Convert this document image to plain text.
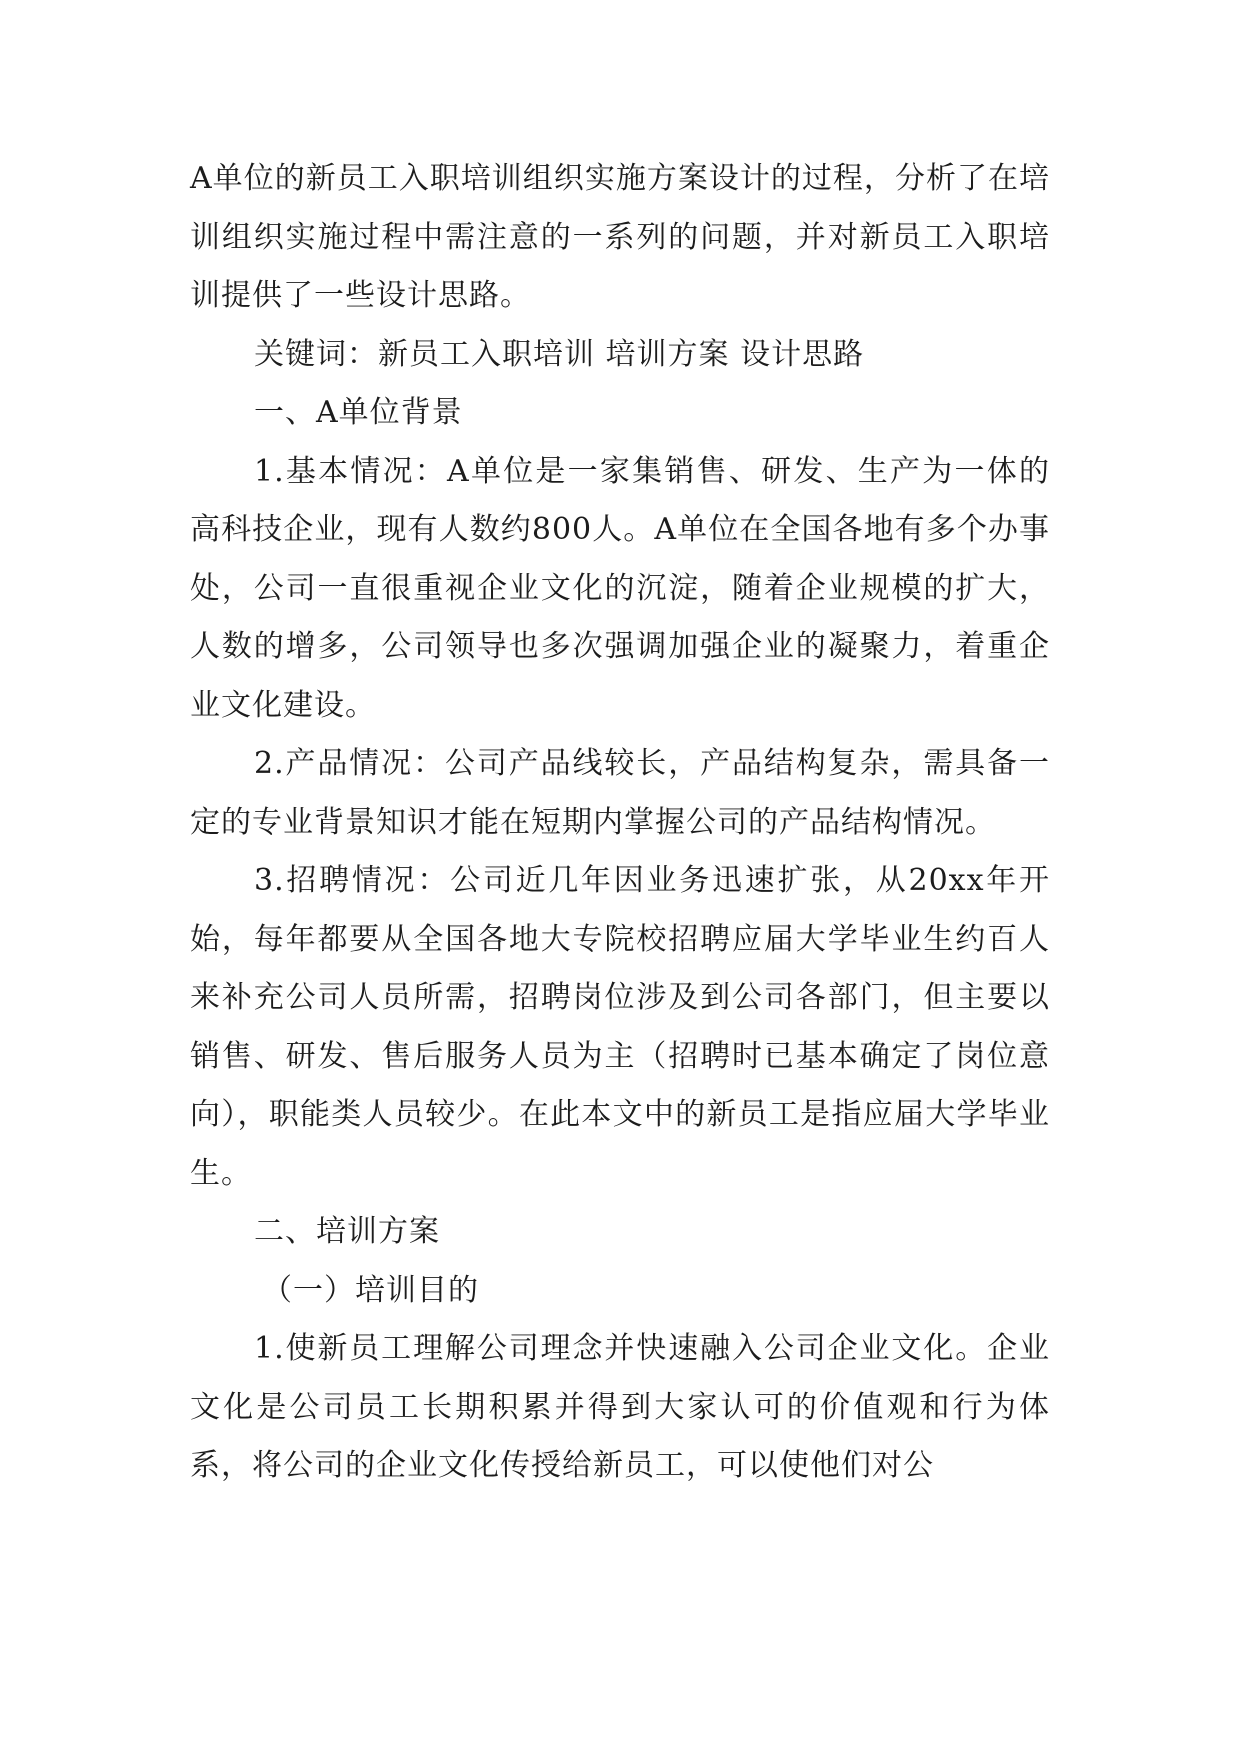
A单位的新员工入职培训组织实施方案设计的过程，分析了在培训组织实施过程中需注意的一系列的问题，并对新员工入职培训提供了一些设计思路。

关键词：新员工入职培训 培训方案 设计思路

一、A单位背景

1.基本情况：A单位是一家集销售、研发、生产为一体的高科技企业，现有人数约800人。A单位在全国各地有多个办事处，公司一直很重视企业文化的沉淀，随着企业规模的扩大，人数的增多，公司领导也多次强调加强企业的凝聚力，着重企业文化建设。

2.产品情况：公司产品线较长，产品结构复杂，需具备一定的专业背景知识才能在短期内掌握公司的产品结构情况。

3.招聘情况：公司近几年因业务迅速扩张，从20xx年开始，每年都要从全国各地大专院校招聘应届大学毕业生约百人来补充公司人员所需，招聘岗位涉及到公司各部门，但主要以销售、研发、售后服务人员为主（招聘时已基本确定了岗位意向），职能类人员较少。在此本文中的新员工是指应届大学毕业生。

二、培训方案

（一）培训目的

1.使新员工理解公司理念并快速融入公司企业文化。企业文化是公司员工长期积累并得到大家认可的价值观和行为体系，将公司的企业文化传授给新员工，可以使他们对公
